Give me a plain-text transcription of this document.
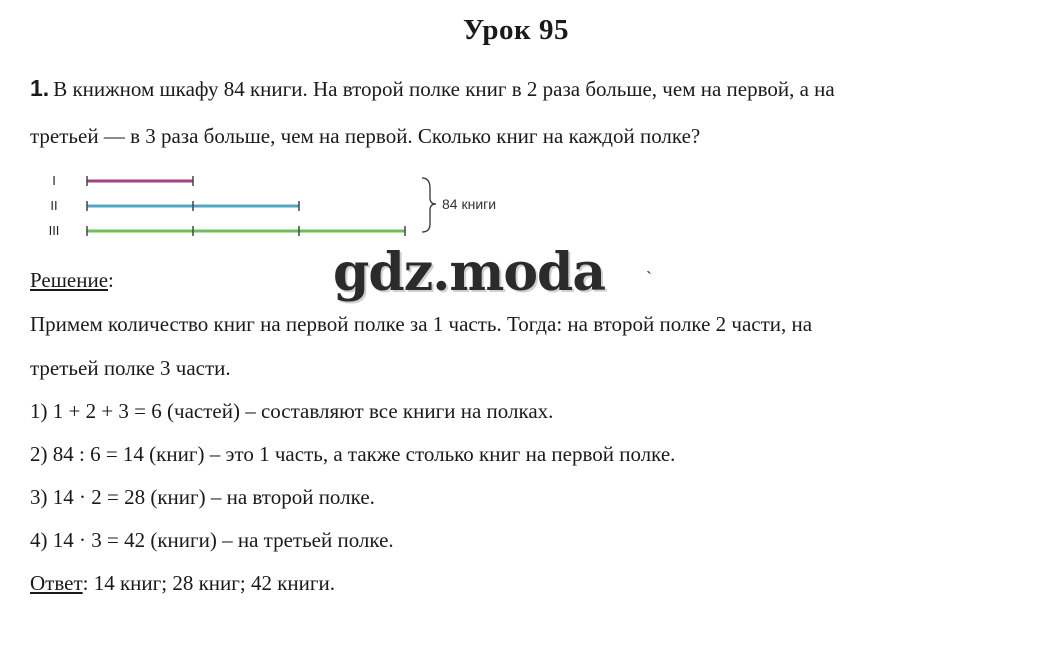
Урок 95
1. В книжном шкафу 84 книги. На второй полке книг в 2 раза больше, чем на первой, а на
третьей — в 3 раза больше, чем на первой. Сколько книг на каждой полке?
I
II
III
84 книги
gdz.moda `
Решение:
Примем количество книг на первой полке за 1 часть. Тогда: на второй полке 2 части, на
третьей полке 3 части.
1) 1 + 2 + 3 = 6 (частей) – составляют все книги на полках.
2) 84 : 6 = 14 (книг) – это 1 часть, а также столько книг на первой полке.
3) 14 · 2 = 28 (книг) – на второй полке.
4) 14 · 3 = 42 (книги) – на третьей полке.
Ответ: 14 книг; 28 книг; 42 книги.
